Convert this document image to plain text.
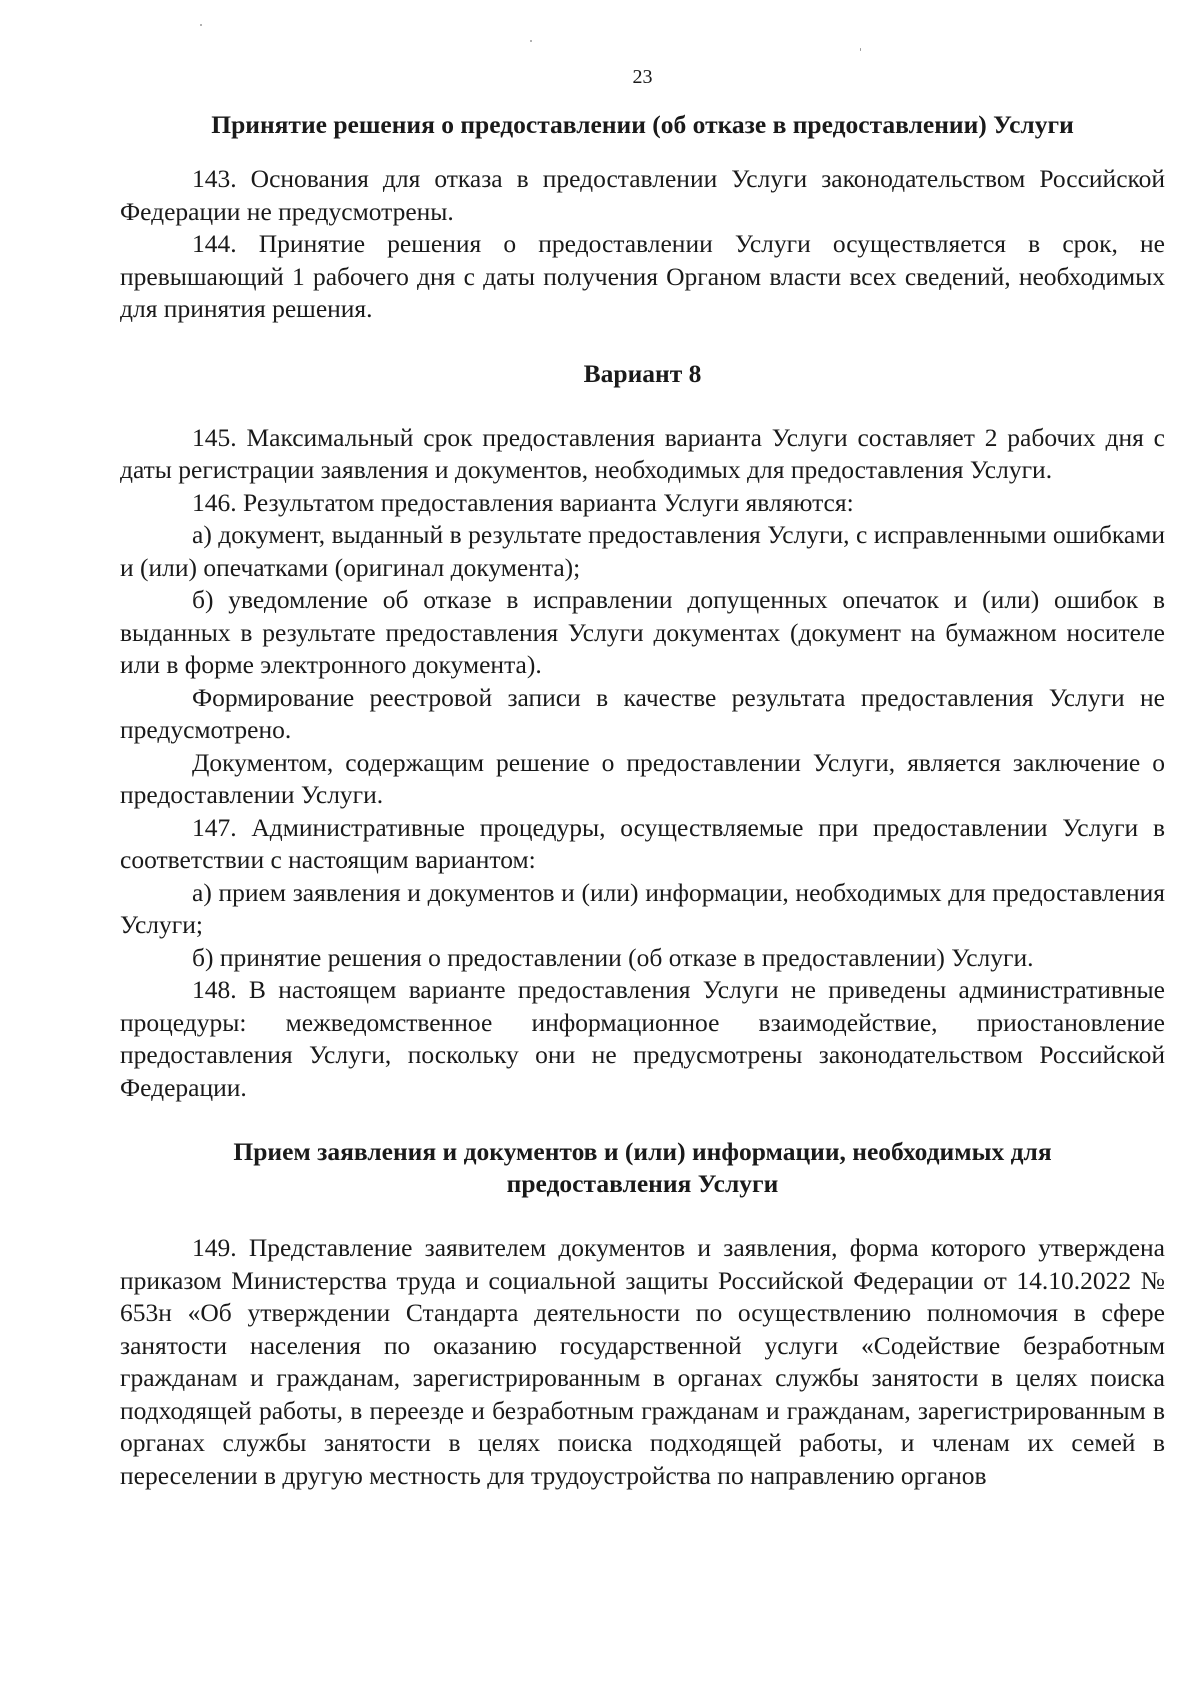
23

Принятие решения о предоставлении (об отказе в предоставлении) Услуги

143. Основания для отказа в предоставлении Услуги законодательством Российской Федерации не предусмотрены.

144. Принятие решения о предоставлении Услуги осуществляется в срок, не превышающий 1 рабочего дня с даты получения Органом власти всех сведений, необходимых для принятия решения.

Вариант 8

145. Максимальный срок предоставления варианта Услуги составляет 2 рабочих дня с даты регистрации заявления и документов, необходимых для предоставления Услуги.

146. Результатом предоставления варианта Услуги являются:

а) документ, выданный в результате предоставления Услуги, с исправленными ошибками и (или) опечатками (оригинал документа);

б) уведомление об отказе в исправлении допущенных опечаток и (или) ошибок в выданных в результате предоставления Услуги документах (документ на бумажном носителе или в форме электронного документа).

Формирование реестровой записи в качестве результата предоставления Услуги не предусмотрено.

Документом, содержащим решение о предоставлении Услуги, является заключение о предоставлении Услуги.

147. Административные процедуры, осуществляемые при предоставлении Услуги в соответствии с настоящим вариантом:

а) прием заявления и документов и (или) информации, необходимых для предоставления Услуги;

б) принятие решения о предоставлении (об отказе в предоставлении) Услуги.

148. В настоящем варианте предоставления Услуги не приведены административные процедуры: межведомственное информационное взаимодействие, приостановление предоставления Услуги, поскольку они не предусмотрены законодательством Российской Федерации.

Прием заявления и документов и (или) информации, необходимых для
предоставления Услуги

149. Представление заявителем документов и заявления, форма которого утверждена приказом Министерства труда и социальной защиты Российской Федерации от 14.10.2022 № 653н «Об утверждении Стандарта деятельности по осуществлению полномочия в сфере занятости населения по оказанию государственной услуги «Содействие безработным гражданам и гражданам, зарегистрированным в органах службы занятости в целях поиска подходящей работы, в переезде и безработным гражданам и гражданам, зарегистрированным в органах службы занятости в целях поиска подходящей работы, и членам их семей в переселении в другую местность для трудоустройства по направлению органов
